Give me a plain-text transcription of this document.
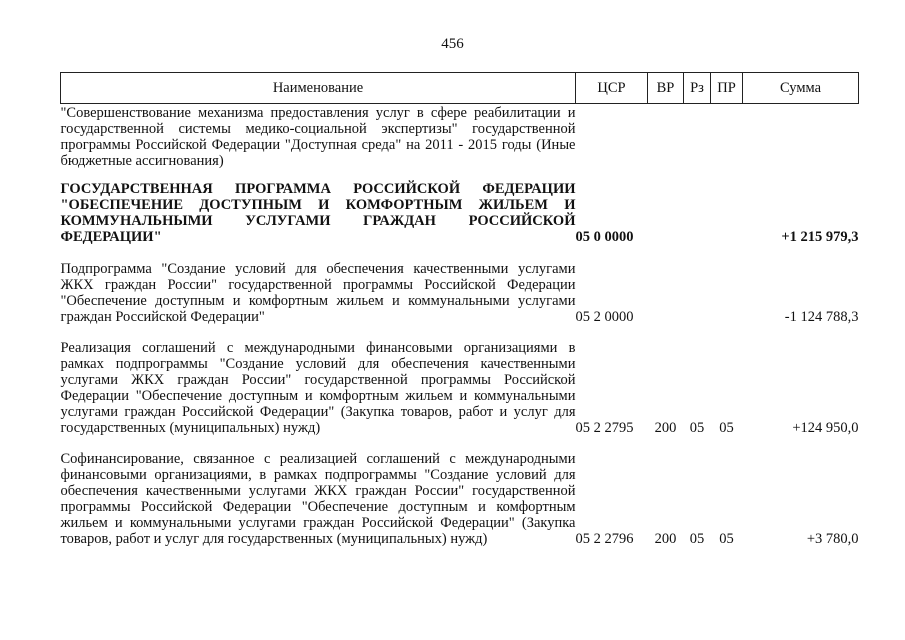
456
Наименование	ЦСР	ВР	Рз	ПР	Сумма
"Совершенствование механизма предоставления услуг в сфере реабилитации и государственной системы медико-социальной экспертизы" государственной программы Российской Федерации "Доступная среда" на 2011 - 2015 годы (Иные бюджетные ассигнования)					
ГОСУДАРСТВЕННАЯ ПРОГРАММА РОССИЙСКОЙ ФЕДЕРАЦИИ "ОБЕСПЕЧЕНИЕ ДОСТУПНЫМ И КОМФОРТНЫМ ЖИЛЬЕМ И КОММУНАЛЬНЫМИ УСЛУГАМИ ГРАЖДАН РОССИЙСКОЙ ФЕДЕРАЦИИ"	05 0 0000				+1 215 979,3
Подпрограмма "Создание условий для обеспечения качественными услугами ЖКХ граждан России" государственной программы Российской Федерации "Обеспечение доступным и комфортным жильем и коммунальными услугами граждан Российской Федерации"	05 2 0000				-1 124 788,3
Реализация соглашений с международными финансовыми организациями в рамках подпрограммы "Создание условий для обеспечения качественными услугами ЖКХ граждан России" государственной программы Российской Федерации "Обеспечение доступным и комфортным жильем и коммунальными услугами граждан Российской Федерации" (Закупка товаров, работ и услуг для государственных (муниципальных) нужд)	05 2 2795	200	05	05	+124 950,0
Софинансирование, связанное с реализацией соглашений с международными финансовыми организациями, в рамках подпрограммы "Создание условий для обеспечения качественными услугами ЖКХ граждан России" государственной программы Российской Федерации "Обеспечение доступным и комфортным жильем и коммунальными услугами граждан Российской Федерации" (Закупка товаров, работ и услуг для государственных (муниципальных) нужд)	05 2 2796	200	05	05	+3 780,0
